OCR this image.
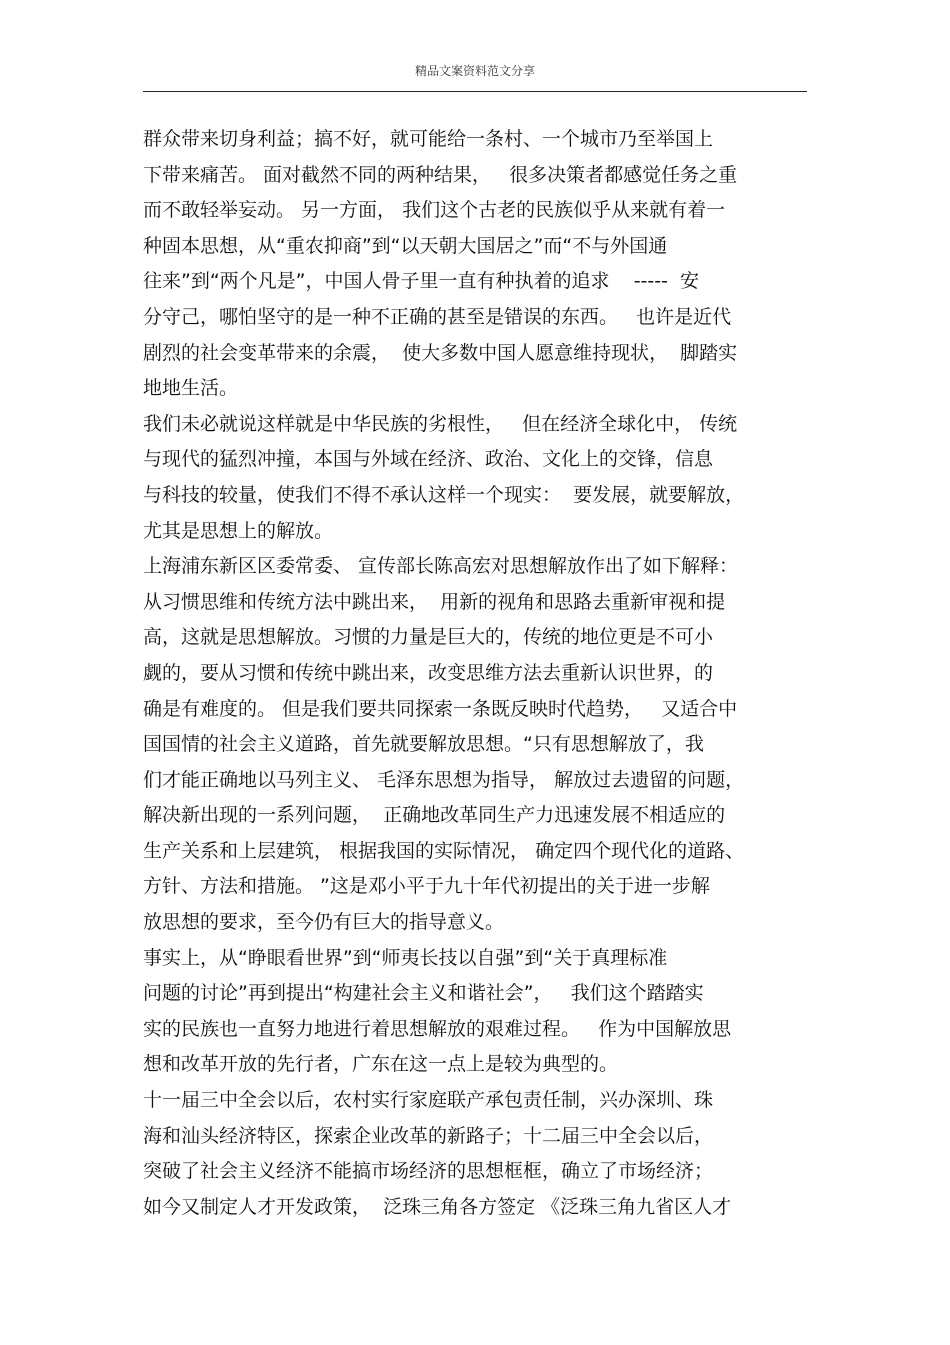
精品文案资料范文分享
群众带来切身利益；搞不好，就可能给一条村、一个城市乃至举国上
下带来痛苦。 面对截然不同的两种结果，   很多决策者都感觉任务之重
而不敢轻举妄动。 另一方面， 我们这个古老的民族似乎从来就有着一
种固本思想，从“重农抑商”到“以天朝大国居之”而“不与外国通
往来”到“两个凡是”，中国人骨子里一直有种执着的追求    -----  安
分守己，哪怕坚守的是一种不正确的甚至是错误的东西。   也许是近代
剧烈的社会变革带来的余震，  使大多数中国人愿意维持现状，  脚踏实
地地生活。
我们未必就说这样就是中华民族的劣根性，   但在经济全球化中， 传统
与现代的猛烈冲撞，本国与外域在经济、政治、文化上的交锋，信息
与科技的较量，使我们不得不承认这样一个现实：  要发展，就要解放，
尤其是思想上的解放。
上海浦东新区区委常委、 宣传部长陈高宏对思想解放作出了如下解释：
从习惯思维和传统方法中跳出来，  用新的视角和思路去重新审视和提
高，这就是思想解放。习惯的力量是巨大的，传统的地位更是不可小
觑的，要从习惯和传统中跳出来，改变思维方法去重新认识世界，的
确是有难度的。 但是我们要共同探索一条既反映时代趋势，   又适合中
国国情的社会主义道路，首先就要解放思想。“只有思想解放了，我
们才能正确地以马列主义、 毛泽东思想为指导， 解放过去遗留的问题，
解决新出现的一系列问题，  正确地改革同生产力迅速发展不相适应的
生产关系和上层建筑， 根据我国的实际情况， 确定四个现代化的道路、
方针、方法和措施。 ”这是邓小平于九十年代初提出的关于进一步解
放思想的要求，至今仍有巨大的指导意义。
事实上，从“睁眼看世界”到“师夷长技以自强”到“关于真理标准
问题的讨论”再到提出“构建社会主义和谐社会”，   我们这个踏踏实
实的民族也一直努力地进行着思想解放的艰难过程。   作为中国解放思
想和改革开放的先行者，广东在这一点上是较为典型的。
十一届三中全会以后，农村实行家庭联产承包责任制，兴办深圳、珠
海和汕头经济特区，探索企业改革的新路子；十二届三中全会以后，
突破了社会主义经济不能搞市场经济的思想框框，确立了市场经济；
如今又制定人才开发政策，  泛珠三角各方签定 《泛珠三角九省区人才
